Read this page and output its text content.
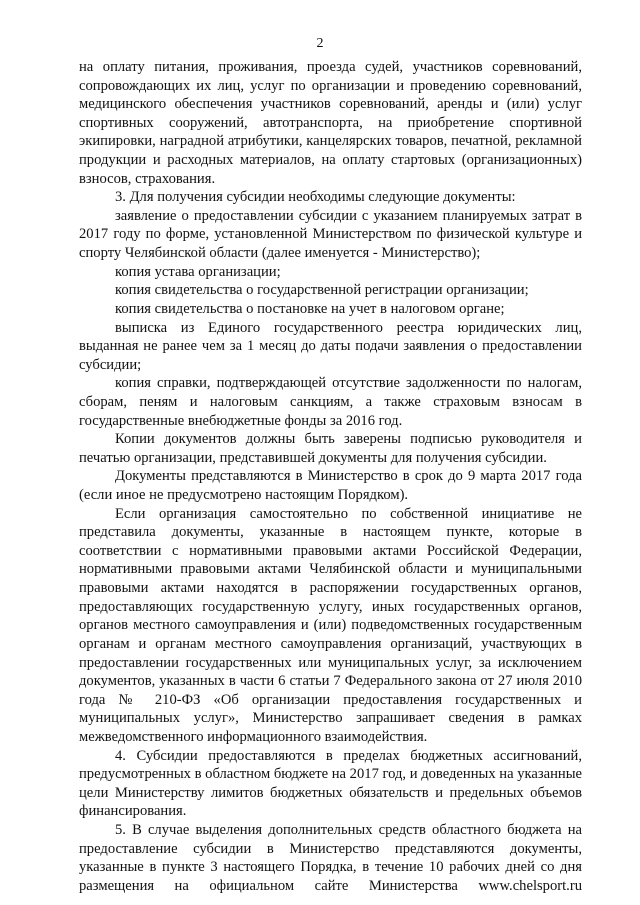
2

на оплату питания, проживания, проезда судей, участников соревнований, сопровождающих их лиц, услуг по организации и проведению соревнований, медицинского обеспечения участников соревнований, аренды и (или) услуг спортивных сооружений, автотранспорта, на приобретение спортивной экипировки, наградной атрибутики, канцелярских товаров, печатной, рекламной продукции и расходных материалов, на оплату стартовых (организационных) взносов, страхования.

3. Для получения субсидии необходимы следующие документы:

заявление о предоставлении субсидии с указанием планируемых затрат в 2017 году по форме, установленной Министерством по физической культуре и спорту Челябинской области (далее именуется - Министерство);

копия устава организации;

копия свидетельства о государственной регистрации организации;

копия свидетельства о постановке на учет в налоговом органе;

выписка из Единого государственного реестра юридических лиц, выданная не ранее чем за 1 месяц до даты подачи заявления о предоставлении субсидии;

копия справки, подтверждающей отсутствие задолженности по налогам, сборам, пеням и налоговым санкциям, а также страховым взносам в государственные внебюджетные фонды за 2016 год.

Копии документов должны быть заверены подписью руководителя и печатью организации, представившей документы для получения субсидии.

Документы представляются в Министерство в срок до 9 марта 2017 года (если иное не предусмотрено настоящим Порядком).

Если организация самостоятельно по собственной инициативе не представила документы, указанные в настоящем пункте, которые в соответствии с нормативными правовыми актами Российской Федерации, нормативными правовыми актами Челябинской области и муниципальными правовыми актами находятся в распоряжении государственных органов, предоставляющих государственную услугу, иных государственных органов, органов местного самоуправления и (или) подведомственных государственным органам и органам местного самоуправления организаций, участвующих в предоставлении государственных или муниципальных услуг, за исключением документов, указанных в части 6 статьи 7 Федерального закона от 27 июля 2010 года № 210-ФЗ «Об организации предоставления государственных и муниципальных услуг», Министерство запрашивает сведения в рамках межведомственного информационного взаимодействия.

4. Субсидии предоставляются в пределах бюджетных ассигнований, предусмотренных в областном бюджете на 2017 год, и доведенных на указанные цели Министерству лимитов бюджетных обязательств и предельных объемов финансирования.

5. В случае выделения дополнительных средств областного бюджета на предоставление субсидии в Министерство представляются документы, указанные в пункте 3 настоящего Порядка, в течение 10 рабочих дней со дня размещения на официальном сайте Министерства www.chelsport.ru
